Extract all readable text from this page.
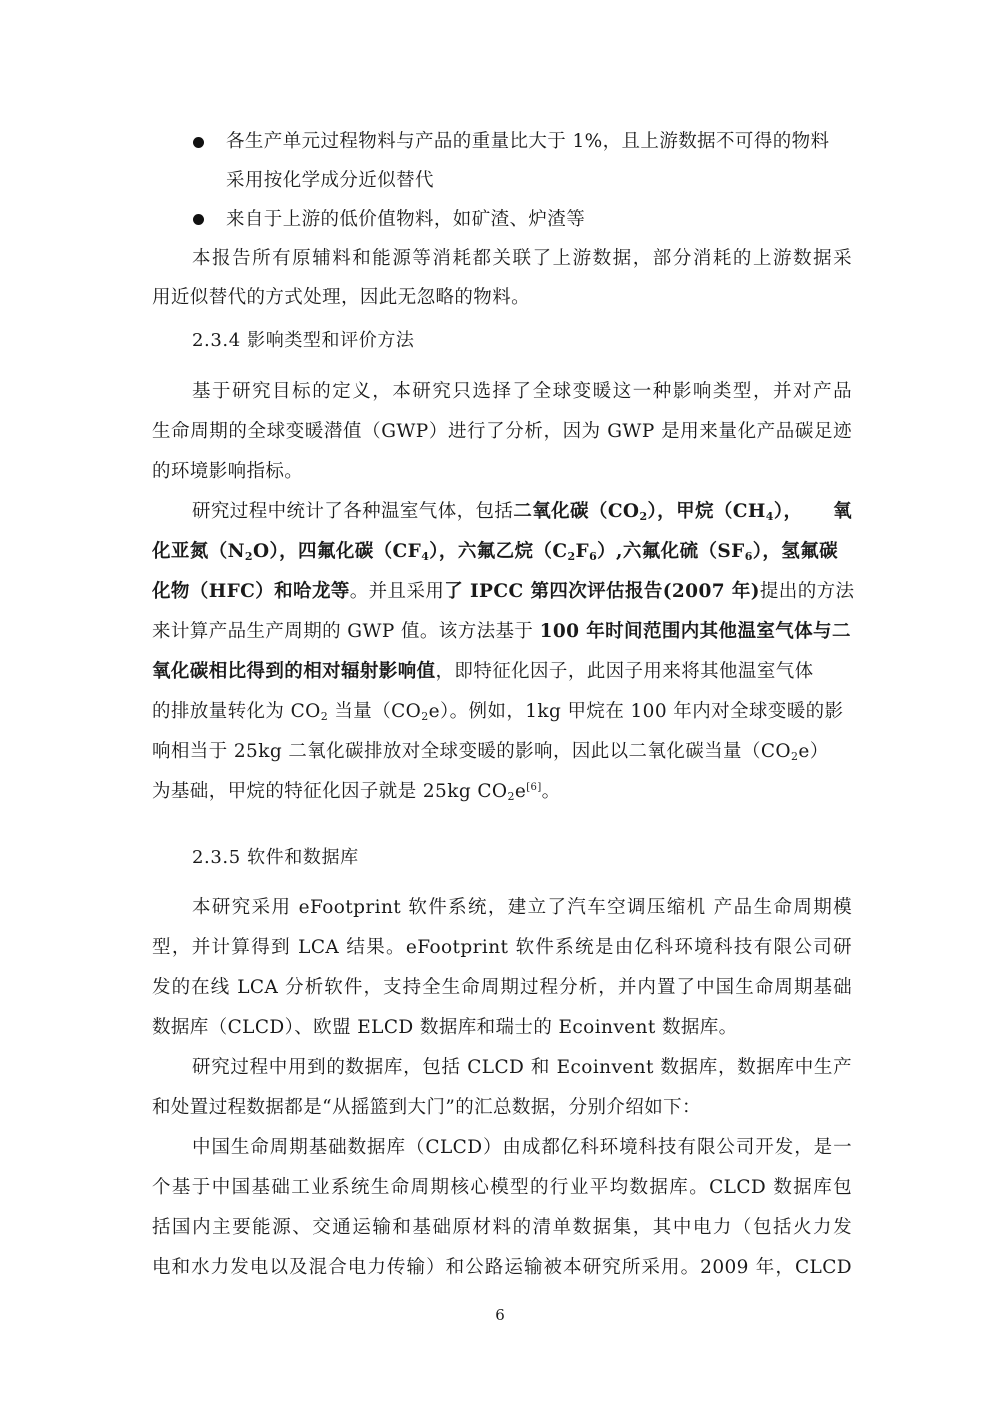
各生产单元过程物料与产品的重量比大于 1%，且上游数据不可得的物料
采用按化学成分近似替代
来自于上游的低价值物料，如矿渣、炉渣等
本报告所有原辅料和能源等消耗都关联了上游数据，部分消耗的上游数据采
用近似替代的方式处理，因此无忽略的物料。
2.3.4 影响类型和评价方法
基于研究目标的定义，本研究只选择了全球变暖这一种影响类型，并对产品
生命周期的全球变暖潜值（GWP）进行了分析，因为 GWP 是用来量化产品碳足迹
的环境影响指标。
研究过程中统计了各种温室气体，包括二氧化碳$(CO_2)$，甲烷$(CH_4)$， 氧
化亚氮$(N_2O)$，四氟化碳$(CF_4)$，六氟乙烷$(C_2F_6)$,六氟化硫$(SF_6)$，氢氟碳
化物（HFC）和哈龙等。并且采用了 IPCC 第四次评估报告(2007 年)提出的方法
来计算产品生产周期的 GWP 值。该方法基于 100 年时间范围内其他温室气体与二
氧化碳相比得到的相对辐射影响值，即特征化因子，此因子用来将其他温室气体
的排放量转化为 $CO_2$ 当量$(CO_2e)$。例如，1kg 甲烷在 100 年内对全球变暖的影
响相当于 25kg 二氧化碳排放对全球变暖的影响，因此以二氧化碳当量$(CO_2e)$
为基础，甲烷的特征化因子就是 25kg $CO_2e[6]$。
2.3.5 软件和数据库
本研究采用 eFootprint 软件系统，建立了汽车空调压缩机 产品生命周期模
型，并计算得到 LCA 结果。eFootprint 软件系统是由亿科环境科技有限公司研
发的在线 LCA 分析软件，支持全生命周期过程分析，并内置了中国生命周期基础
数据库（CLCD）、欧盟 ELCD 数据库和瑞士的 Ecoinvent 数据库。
研究过程中用到的数据库，包括 CLCD 和 Ecoinvent 数据库，数据库中生产
和处置过程数据都是“从摇篮到大门”的汇总数据，分别介绍如下：
中国生命周期基础数据库（CLCD）由成都亿科环境科技有限公司开发，是一
个基于中国基础工业系统生命周期核心模型的行业平均数据库。CLCD 数据库包
括国内主要能源、交通运输和基础原材料的清单数据集，其中电力（包括火力发
电和水力发电以及混合电力传输）和公路运输被本研究所采用。2009 年，CLCD
6
